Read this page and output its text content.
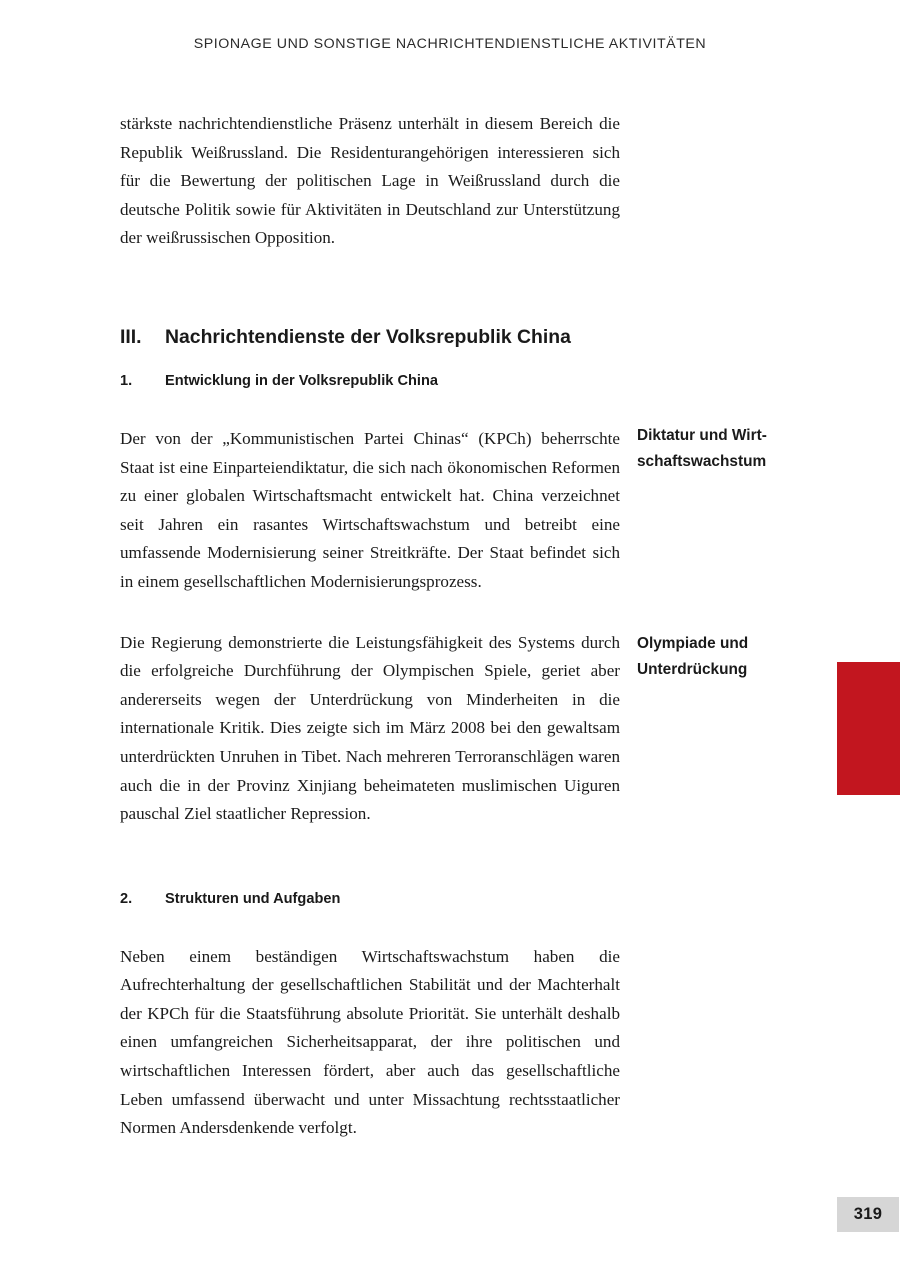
SPIONAGE UND SONSTIGE NACHRICHTENDIENSTLICHE AKTIVITÄTEN

stärkste nachrichtendienstliche Präsenz unterhält in diesem Bereich die Republik Weißrussland. Die Residenturangehörigen interessieren sich für die Bewertung der politischen Lage in Weißrussland durch die deutsche Politik sowie für Aktivitäten in Deutschland zur Unterstützung der weißrussischen Opposition.

III.	Nachrichtendienste der Volksrepublik China
1.	Entwicklung in der Volksrepublik China

Der von der „Kommunistischen Partei Chinas“ (KPCh) beherrschte Staat ist eine Einparteiendiktatur, die sich nach ökonomischen Reformen zu einer globalen Wirtschaftsmacht entwickelt hat. China verzeichnet seit Jahren ein rasantes Wirtschaftswachstum und betreibt eine umfassende Modernisierung seiner Streitkräfte. Der Staat befindet sich in einem gesellschaftlichen Modernisierungsprozess.

Die Regierung demonstrierte die Leistungsfähigkeit des Systems durch die erfolgreiche Durchführung der Olympischen Spiele, geriet aber andererseits wegen der Unterdrückung von Minderheiten in die internationale Kritik. Dies zeigte sich im März 2008 bei den gewaltsam unterdrückten Unruhen in Tibet. Nach mehreren Terroranschlägen waren auch die in der Provinz Xinjiang beheimateten muslimischen Uiguren pauschal Ziel staatlicher Repression.

2.	Strukturen und Aufgaben

Neben einem beständigen Wirtschaftswachstum haben die Aufrechterhaltung der gesellschaftlichen Stabilität und der Machterhalt der KPCh für die Staatsführung absolute Priorität. Sie unterhält deshalb einen umfangreichen Sicherheitsapparat, der ihre politischen und wirtschaftlichen Interessen fördert, aber auch das gesellschaftliche Leben umfassend überwacht und unter Missachtung rechtsstaatlicher Normen Andersdenkende verfolgt.

Diktatur und Wirt-
schaftswachstum
Olympiade und
Unterdrückung
319
